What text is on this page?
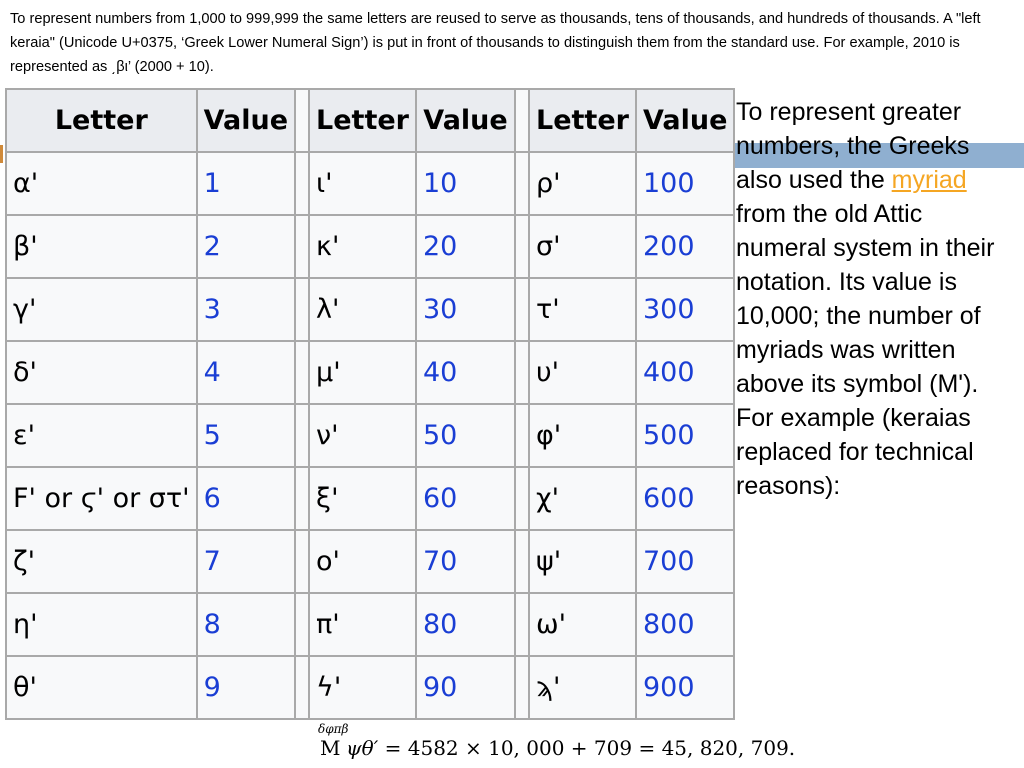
To represent numbers from 1,000 to 999,999 the same letters are reused to serve as thousands, tens of thousands, and hundreds of thousands. A "left keraia" (Unicode U+0375, ‘Greek Lower Numeral Sign’) is put in front of thousands to distinguish them from the standard use. For example, 2010 is represented as ͵βι’ (2000 + 10).

Letter	Value		Letter	Value		Letter	Value
α'	1		ι'	10		ρ'	100
β'	2		κ'	20		σ'	200
γ'	3		λ'	30		τ'	300
δ'	4		μ'	40		υ'	400
ε'	5		ν'	50		φ'	500
Ϝ' or ϛ' or στ'	6		ξ'	60		χ'	600
ζ'	7		ο'	70		ψ'	700
η'	8		π'	80		ω'	800
θ'	9		ϟ'	90		ϡ'	900

To represent greater numbers, the Greeks also used the myriad from the old Attic numeral system in their notation. Its value is 10,000; the number of myriads was written above its symbol (M'). For example (keraias replaced for technical reasons):

δφπβ
M ψθ′ = 4582 × 10, 000 + 709 = 45, 820, 709.
